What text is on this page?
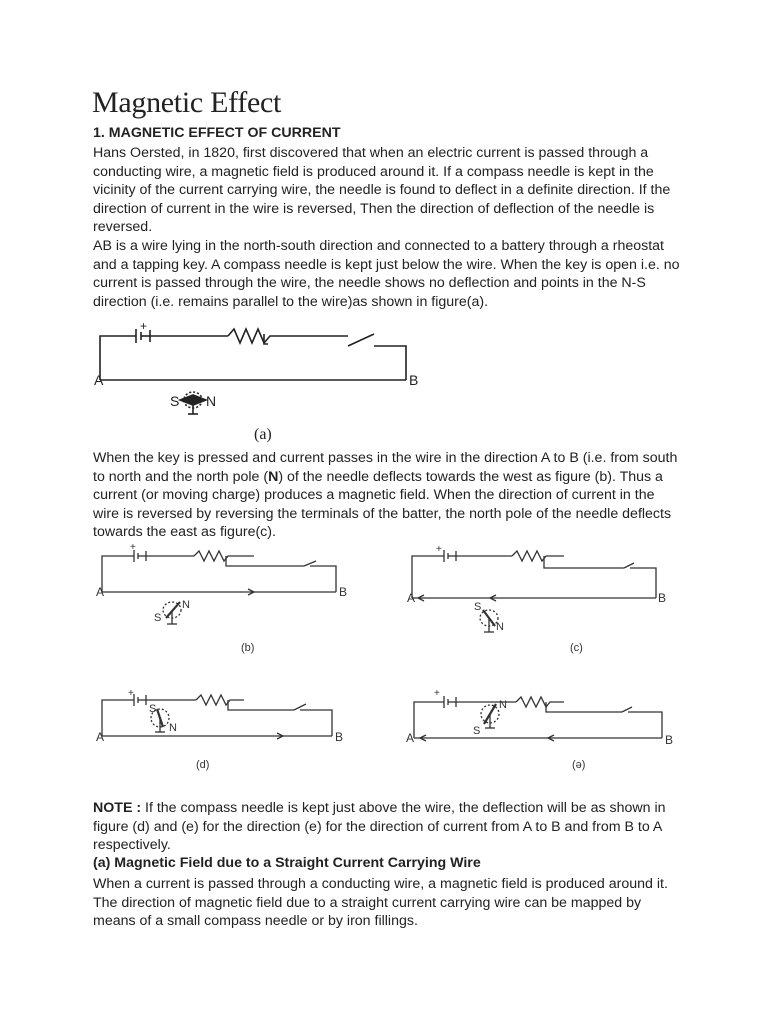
Magnetic Effect
1. MAGNETIC EFFECT OF CURRENT

Hans Oersted, in 1820, first discovered that when an electric current is passed through a conducting wire, a magnetic field is produced around it. If a compass needle is kept in the vicinity of the current carrying wire, the needle is found to deflect in a definite direction. If the direction of current in the wire is reversed, Then the direction of deflection of the needle is reversed.

AB is a wire lying in the north-south direction and connected to a battery through a rheostat and a tapping key. A compass needle is kept just below the wire. When the key is open i.e. no current is passed through the wire, the needle shows no deflection and points in the N-S direction (i.e. remains parallel to the wire)as shown in figure(a).

+
A	B
S N
(a)

When the key is pressed and current passes in the wire in the direction A to B (i.e. from south to north and the north pole (N) of the needle deflects towards the west as figure (b). Thus a current (or moving charge) produces a magnetic field. When the direction of current in the wire is reversed by reversing the terminals of the batter, the north pole of the needle deflects towards the east as figure(c).

+
A	B
S
N
(b)
+
A	B
S
N
(c)
+
A	B
S
N
(d)
+
A	B
S
N
(ə)

NOTE : If the compass needle is kept just above the wire, the deflection will be as shown in figure (d) and (e) for the direction (e) for the direction of current from A to B and from B to A respectively.

(a) Magnetic Field due to a Straight Current Carrying Wire

When a current is passed through a conducting wire, a magnetic field is produced around it. The direction of magnetic field due to a straight current carrying wire can be mapped by means of a small compass needle or by iron fillings.
